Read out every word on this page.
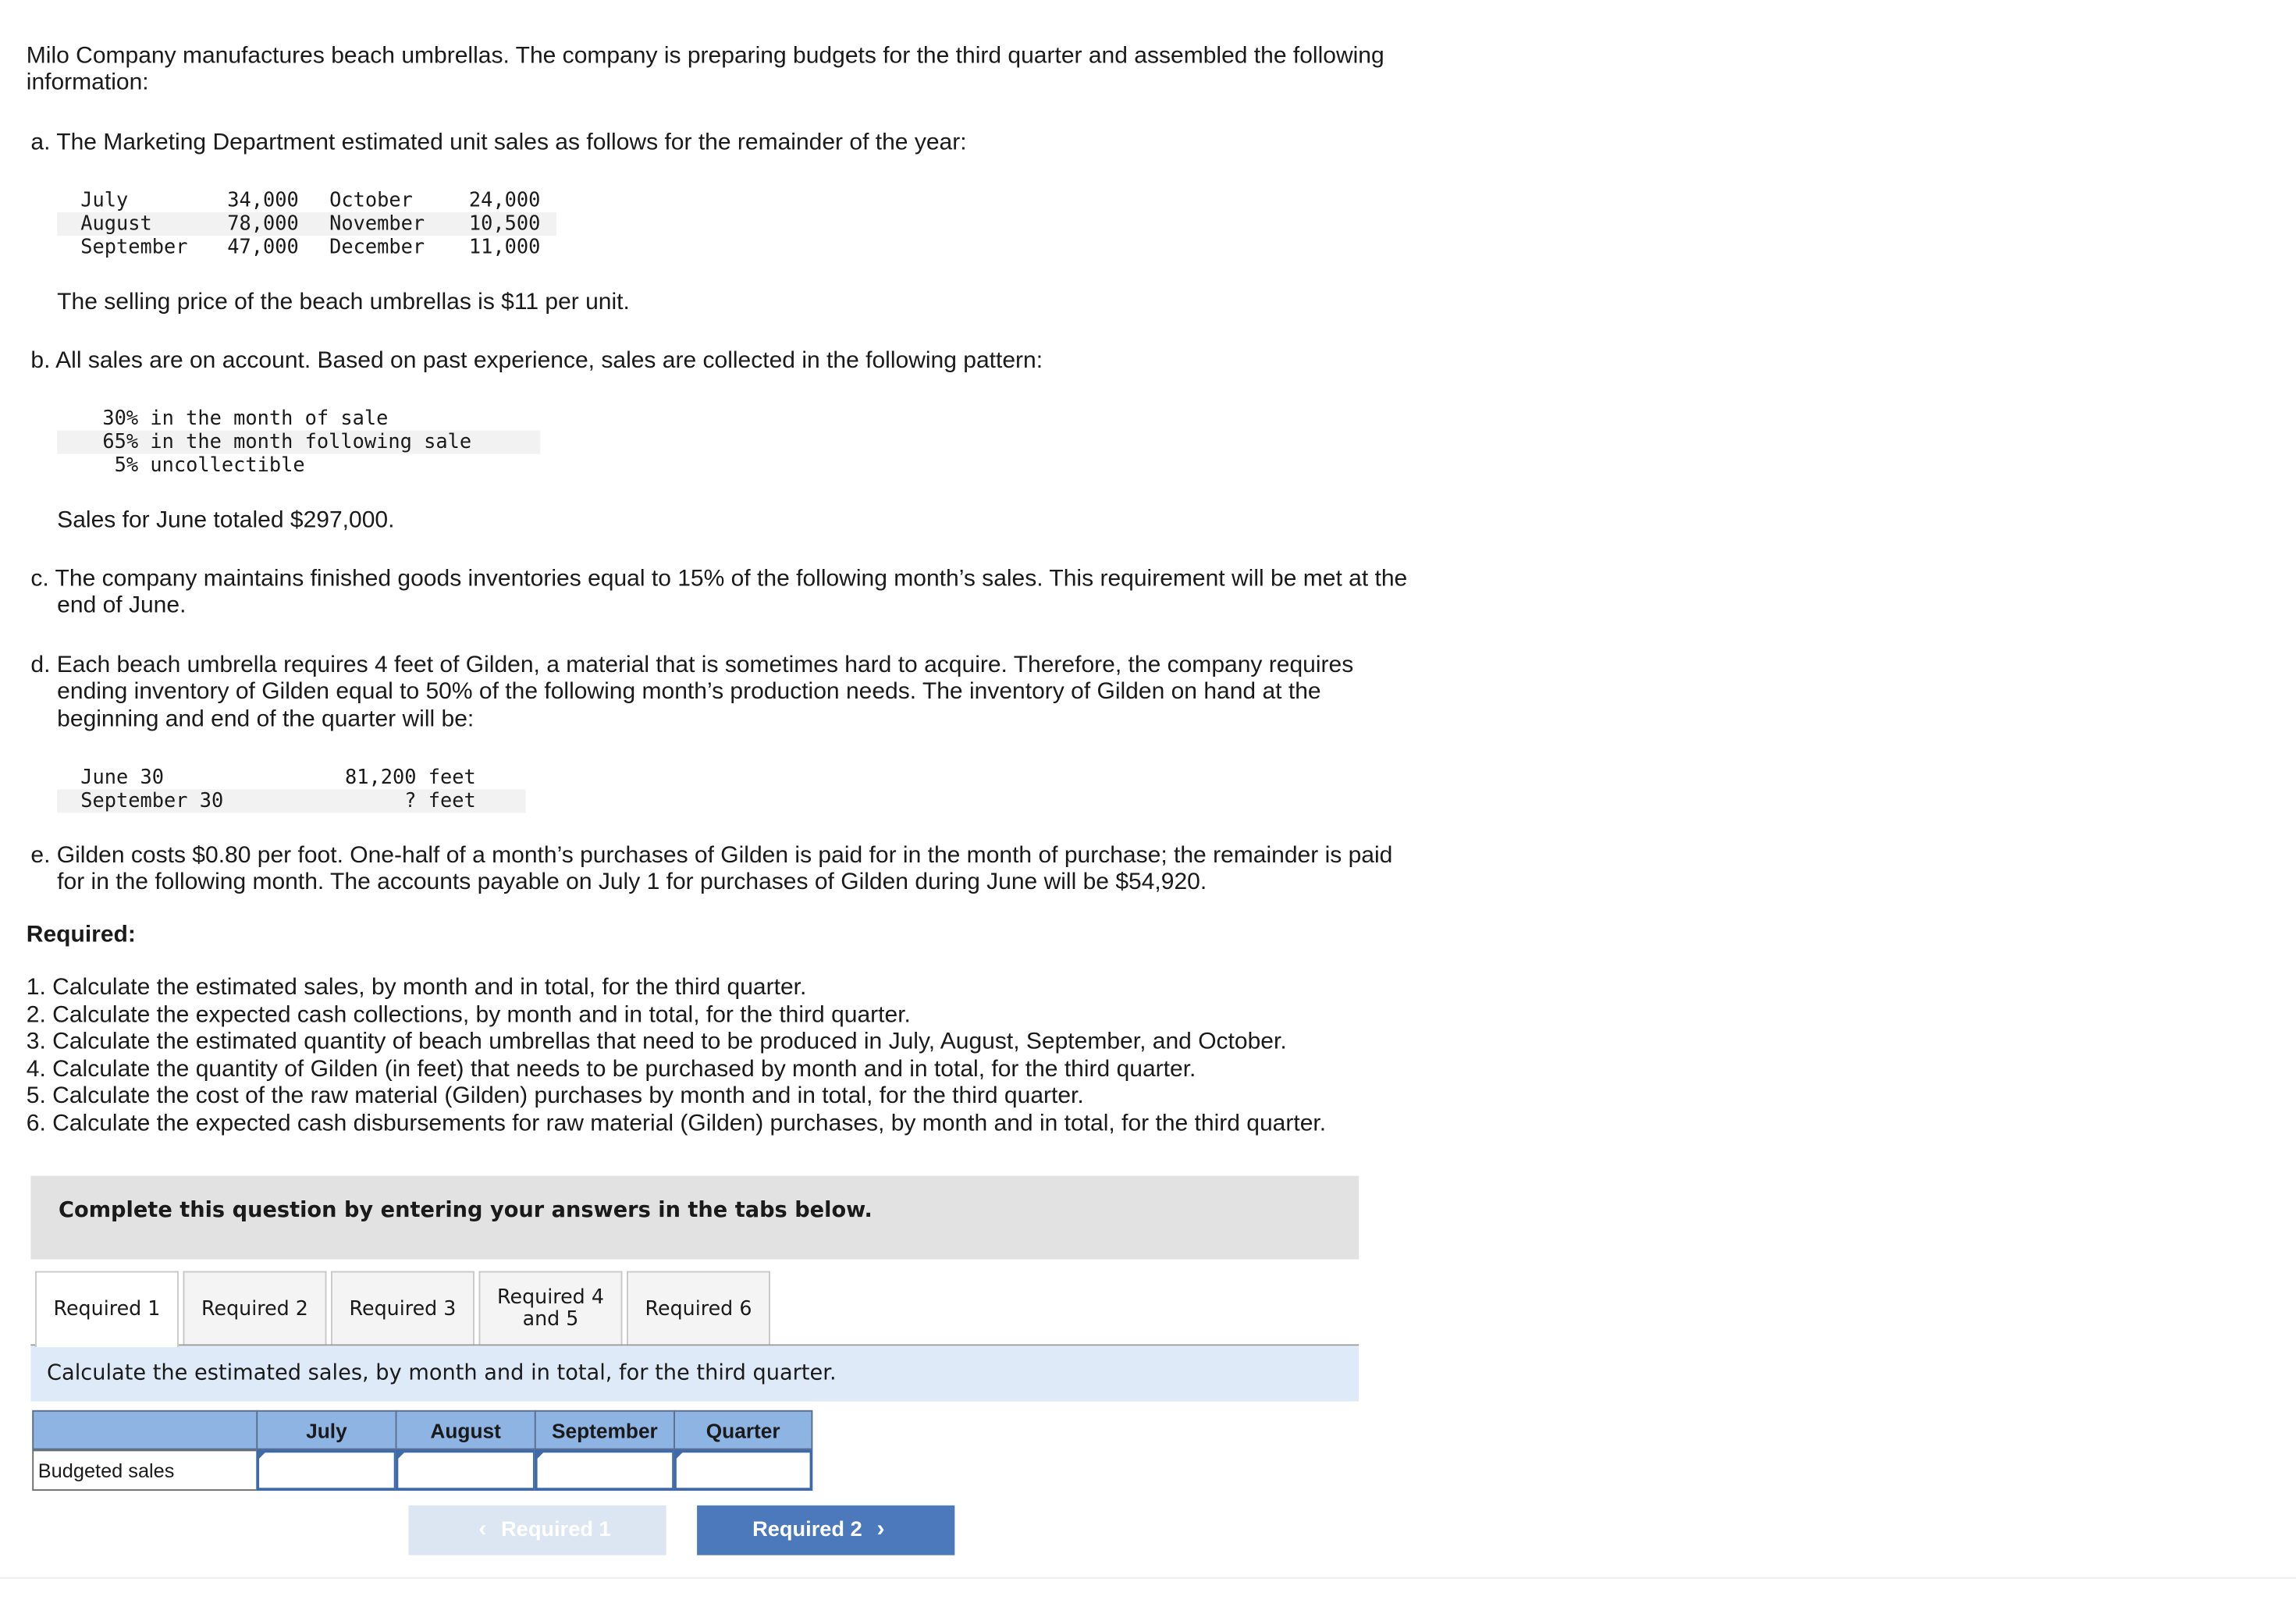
Milo Company manufactures beach umbrellas. The company is preparing budgets for the third quarter and assembled the following
information:
a. The Marketing Department estimated unit sales as follows for the remainder of the year:
July	34,000	October	24,000
August	78,000	November	10,500
September	47,000	December	11,000
The selling price of the beach umbrellas is $11 per unit.
b. All sales are on account. Based on past experience, sales are collected in the following pattern:
30% in the month of sale
65% in the month following sale
5% uncollectible
Sales for June totaled $297,000.
c. The company maintains finished goods inventories equal to 15% of the following month’s sales. This requirement will be met at the
end of June.
d. Each beach umbrella requires 4 feet of Gilden, a material that is sometimes hard to acquire. Therefore, the company requires
ending inventory of Gilden equal to 50% of the following month’s production needs. The inventory of Gilden on hand at the
beginning and end of the quarter will be:
June 30	81,200 feet
September 30	? feet
e. Gilden costs $0.80 per foot. One-half of a month’s purchases of Gilden is paid for in the month of purchase; the remainder is paid
for in the following month. The accounts payable on July 1 for purchases of Gilden during June will be $54,920.
Required:
1. Calculate the estimated sales, by month and in total, for the third quarter.
2. Calculate the expected cash collections, by month and in total, for the third quarter.
3. Calculate the estimated quantity of beach umbrellas that need to be produced in July, August, September, and October.
4. Calculate the quantity of Gilden (in feet) that needs to be purchased by month and in total, for the third quarter.
5. Calculate the cost of the raw material (Gilden) purchases by month and in total, for the third quarter.
6. Calculate the expected cash disbursements for raw material (Gilden) purchases, by month and in total, for the third quarter.
Complete this question by entering your answers in the tabs below.
Required 1	Required 2	Required 3	Required 4
and 5	Required 6
Calculate the estimated sales, by month and in total, for the third quarter.
July	August	September	Quarter
Budgeted sales
‹ Required 1	Required 2 ›
